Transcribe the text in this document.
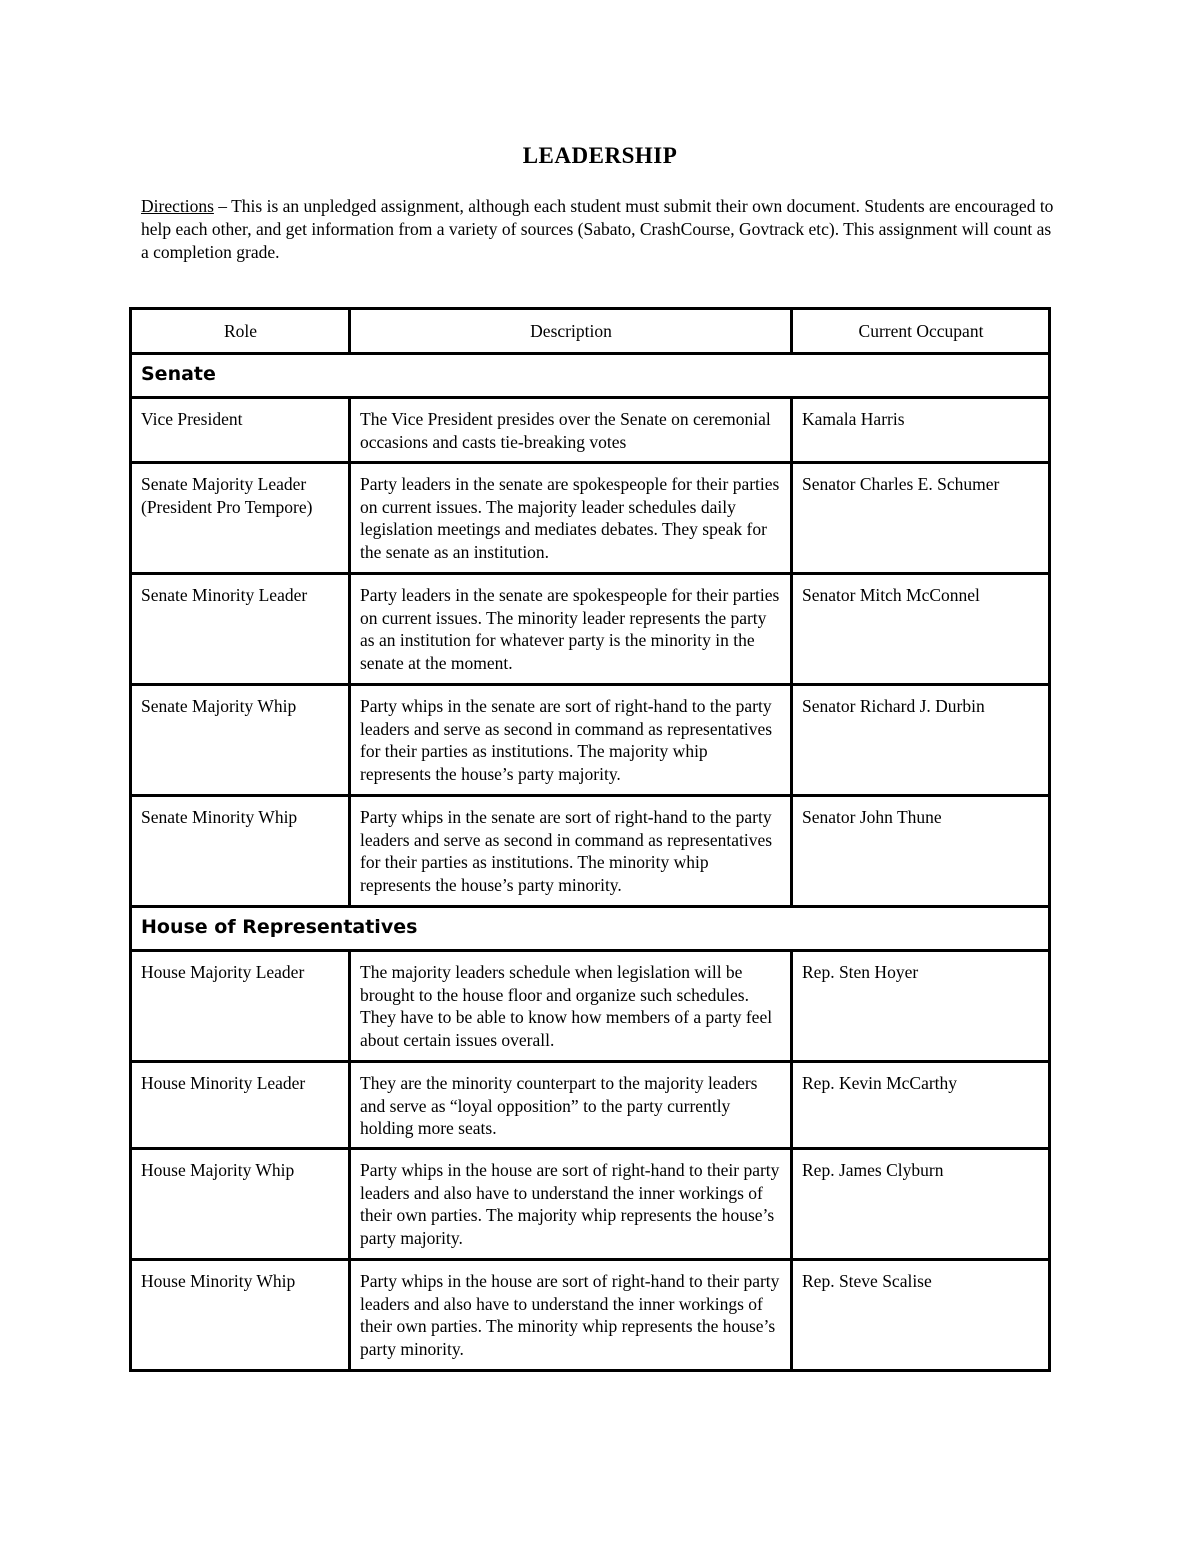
LEADERSHIP
Directions – This is an unpledged assignment, although each student must submit their own document. Students are encouraged to help each other, and get information from a variety of sources (Sabato, CrashCourse, Govtrack etc). This assignment will count as a completion grade.
Role	Description	Current Occupant
Senate		
Vice President	The Vice President presides over the Senate on ceremonial occasions and casts tie-breaking votes	Kamala Harris
Senate Majority Leader (President Pro Tempore)	Party leaders in the senate are spokespeople for their parties on current issues. The majority leader schedules daily legislation meetings and mediates debates. They speak for the senate as an institution.	Senator Charles E. Schumer
Senate Minority Leader	Party leaders in the senate are spokespeople for their parties on current issues. The minority leader represents the party as an institution for whatever party is the minority in the senate at the moment.	Senator Mitch McConnel
Senate Majority Whip	Party whips in the senate are sort of right-hand to the party leaders and serve as second in command as representatives for their parties as institutions. The majority whip represents the house’s party majority.	Senator Richard J. Durbin
Senate Minority Whip	Party whips in the senate are sort of right-hand to the party leaders and serve as second in command as representatives for their parties as institutions. The minority whip represents the house’s party minority.	Senator John Thune
House of Representatives		
House Majority Leader	The majority leaders schedule when legislation will be brought to the house floor and organize such schedules. They have to be able to know how members of a party feel about certain issues overall.	Rep. Sten Hoyer
House Minority Leader	They are the minority counterpart to the majority leaders and serve as “loyal opposition” to the party currently holding more seats.	Rep. Kevin McCarthy
House Majority Whip	Party whips in the house are sort of right-hand to their party leaders and also have to understand the inner workings of their own parties. The majority whip represents the house’s party majority.	Rep. James Clyburn
House Minority Whip	Party whips in the house are sort of right-hand to their party leaders and also have to understand the inner workings of their own parties. The minority whip represents the house’s party minority.	Rep. Steve Scalise
